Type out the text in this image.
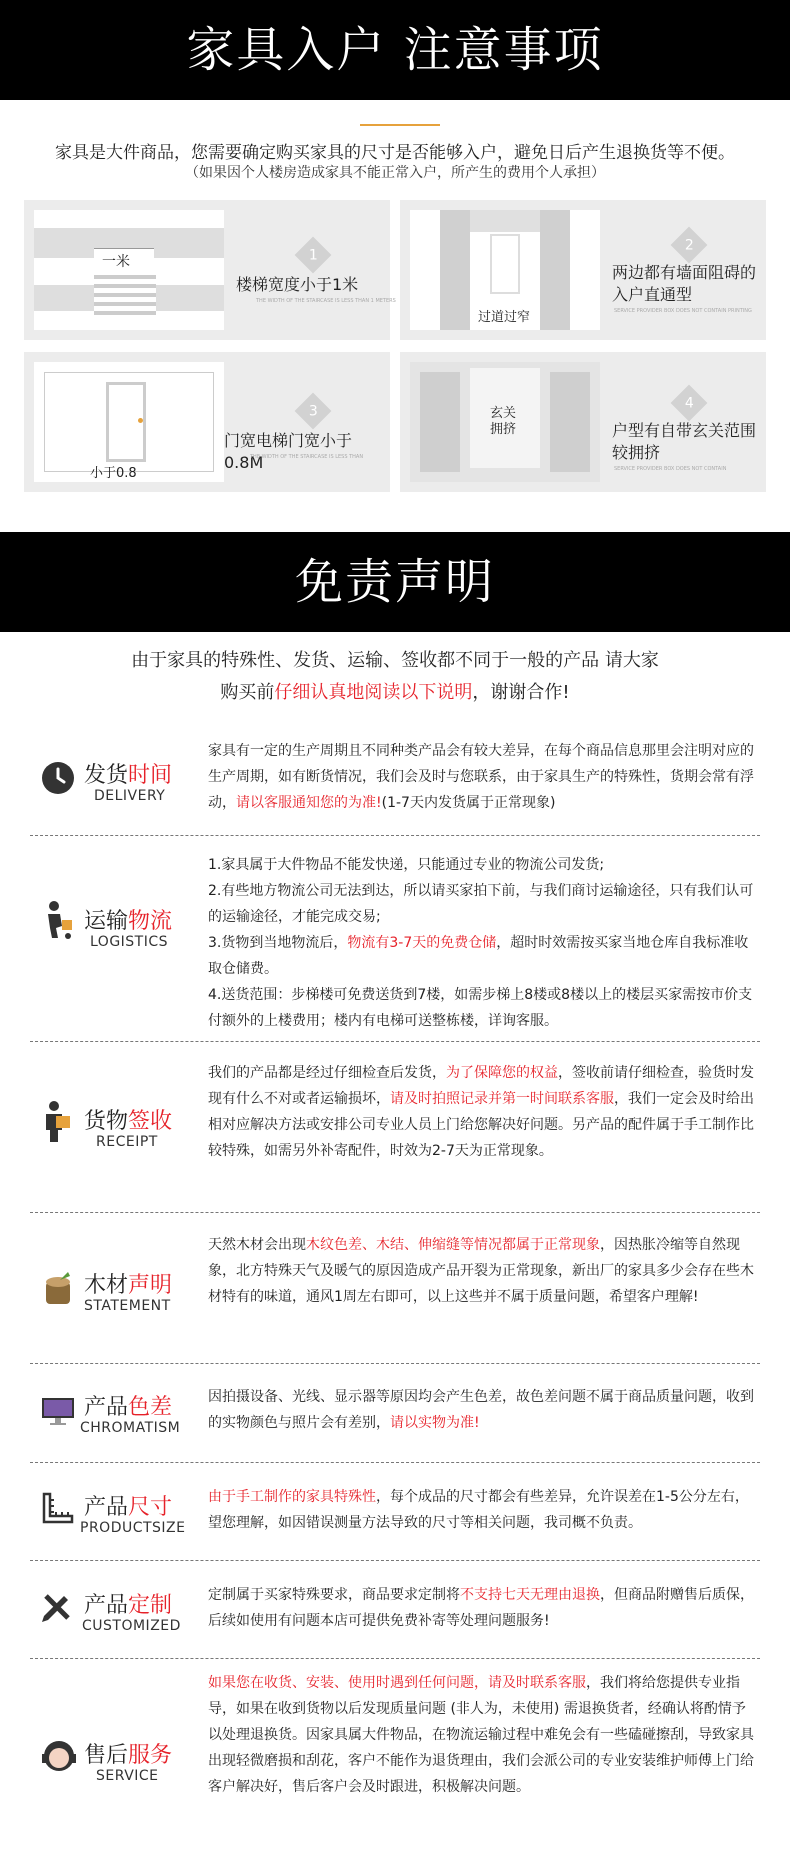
家具入户 注意事项
家具是大件商品，您需要确定购买家具的尺寸是否能够入户，避免日后产生退换货等不便。
（如果因个人楼房造成家具不能正常入户，所产生的费用个人承担）
一米	1
楼梯宽度小于1米
THE WIDTH OF THE STAIRCASE IS LESS THAN 1 METERS
过道过窄
2
两边都有墙面阻碍的入户直通型
SERVICE PROVIDER BOX DOES NOT CONTAIN PRINTING
小于0.8
3
门宽电梯门宽小于0.8M
THE WIDTH OF THE STAIRCASE IS LESS THAN
玄关拥挤
4
户型有自带玄关范围较拥挤
SERVICE PROVIDER BOX DOES NOT CONTAIN
免责声明
由于家具的特殊性、发货、运输、签收都不同于一般的产品 请大家
购买前仔细认真地阅读以下说明，谢谢合作!
发货时间
DELIVERY
家具有一定的生产周期且不同种类产品会有较大差异，在每个商品信息那里会注明对应的生产周期，如有断货情况，我们会及时与您联系，由于家具生产的特殊性，货期会常有浮动，请以客服通知您的为准!(1-7天内发货属于正常现象)
运输物流
LOGISTICS
1.家具属于大件物品不能发快递，只能通过专业的物流公司发货;
2.有些地方物流公司无法到达，所以请买家拍下前，与我们商讨运输途径，只有我们认可的运输途径，才能完成交易;
3.货物到当地物流后，物流有3-7天的免费仓储，超时时效需按买家当地仓库自我标准收取仓储费。
4.送货范围：步梯楼可免费送货到7楼，如需步梯上8楼或8楼以上的楼层买家需按市价支付额外的上楼费用；楼内有电梯可送整栋楼，详询客服。
货物签收
RECEIPT
我们的产品都是经过仔细检查后发货，为了保障您的权益，签收前请仔细检查，验货时发现有什么不对或者运输损坏，请及时拍照记录并第一时间联系客服，我们一定会及时给出相对应解决方法或安排公司专业人员上门给您解决好问题。另产品的配件属于手工制作比较特殊，如需另外补寄配件，时效为2-7天为正常现象。
木材声明
STATEMENT
天然木材会出现木纹色差、木结、伸缩缝等情况都属于正常现象，因热胀冷缩等自然现象，北方特殊天气及暖气的原因造成产品开裂为正常现象，新出厂的家具多少会存在些木材特有的味道，通风1周左右即可，以上这些并不属于质量问题，希望客户理解!
产品色差
CHROMATISM
因拍摄设备、光线、显示器等原因均会产生色差，故色差问题不属于商品质量问题，收到的实物颜色与照片会有差别，请以实物为准!
产品尺寸
PRODUCTSIZE
由于手工制作的家具特殊性，每个成品的尺寸都会有些差异，允许误差在1-5公分左右，望您理解，如因错误测量方法导致的尺寸等相关问题，我司概不负责。
产品定制
CUSTOMIZED
定制属于买家特殊要求，商品要求定制将不支持七天无理由退换，但商品附赠售后质保，后续如使用有问题本店可提供免费补寄等处理问题服务!
售后服务
SERVICE
如果您在收货、安装、使用时遇到任何问题，请及时联系客服，我们将给您提供专业指导，如果在收到货物以后发现质量问题 (非人为，未使用) 需退换货者，经确认将酌情予以处理退换货。因家具属大件物品，在物流运输过程中难免会有一些磕碰擦刮，导致家具出现轻微磨损和刮花，客户不能作为退货理由，我们会派公司的专业安装维护师傅上门给客户解决好，售后客户会及时跟进，积极解决问题。
